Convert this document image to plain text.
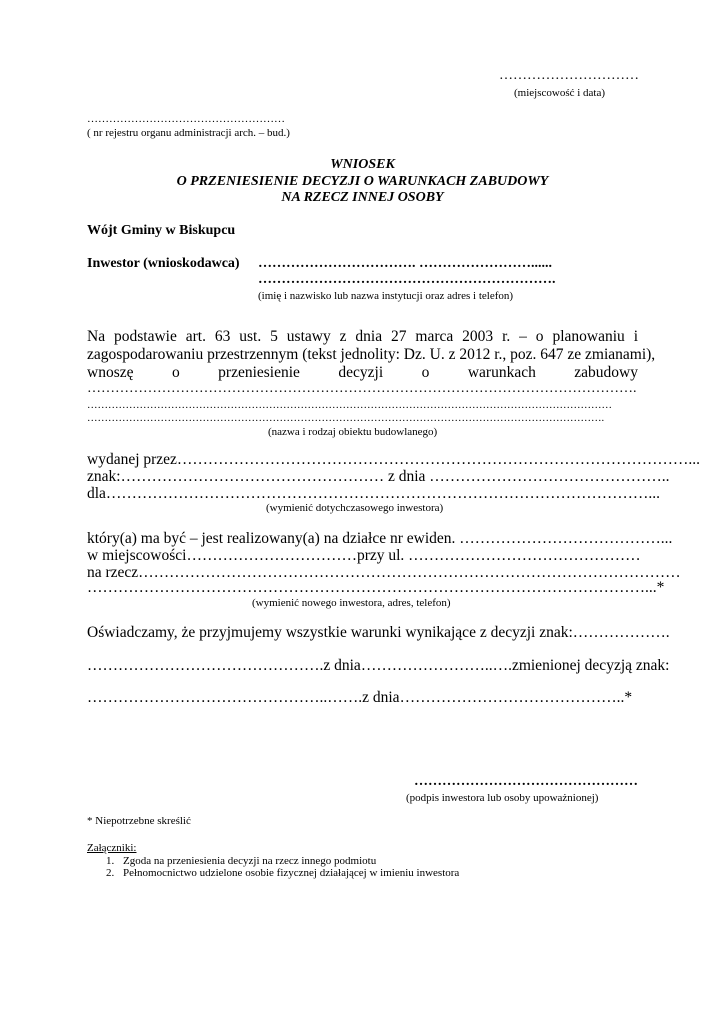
…………………………
(miejscowość i data)
………………………………………………
( nr rejestru organu administracji arch. – bud.)
WNIOSEK
O PRZENIESIENIE DECYZJI O WARUNKACH ZABUDOWY
NA RZECZ INNEJ OSOBY
Wójt Gminy w Biskupcu
Inwestor (wnioskodawca) ……………………………. ……………………......
……………………………………………………….
(imię i nazwisko lub nazwa instytucji oraz adres i telefon)
Na podstawie art. 63 ust. 5 ustawy z dnia 27 marca 2003 r. – o planowaniu i
zagospodarowaniu przestrzennym (tekst jednolity: Dz. U. z 2012 r., poz. 647 ze zmianami),
wnoszę o przeniesienie decyzji o warunkach zabudowy
……………………………………………………………………………………………………….
……………………………………………………………………………………………………………………………………
………………………………………………………………………………………………………………………………….
(nazwa i rodzaj obiektu budowlanego)
wydanej przez………………………………………………………………………………………...
znak:…………………………………………… z dnia ………………………………………..
dla……………………………………………………………………………………………...
(wymienić dotychczasowego inwestora)
który(a) ma być – jest realizowany(a) na działce nr ewiden. …………………………………...
w miejscowości……………………………przy ul. ………………………………………
na rzecz……………………………………………………………………………………………
………………………………………………………………………………………………...*
(wymienić nowego inwestora, adres, telefon)
Oświadczamy, że przyjmujemy wszystkie warunki wynikające z decyzji znak:……………….
……………………………………….z dnia……………………..….zmienionej decyzją znak:
………………………………………..…….z dnia……………………………………..*
…………………………………………
(podpis inwestora lub osoby upoważnionej)
* Niepotrzebne skreślić
Załączniki:
1. Zgoda na przeniesienia decyzji na rzecz innego podmiotu
2. Pełnomocnictwo udzielone osobie fizycznej działającej w imieniu inwestora
